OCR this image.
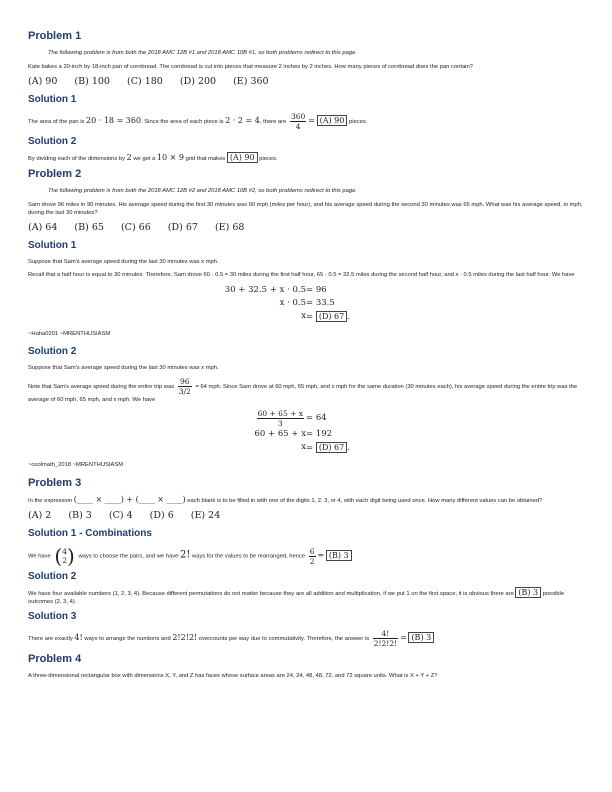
Problem 1

The following problem is from both the 2018 AMC 12B #1 and 2018 AMC 10B #1, so both problems redirect to this page.

Kate bakes a 20-inch by 18-inch pan of cornbread. The cornbread is cut into pieces that measure 2 inches by 2 inches. How many pieces of cornbread does the pan contain?

(A) 90 (B) 100 (C) 180 (D) 200 (E) 360
Solution 1

The area of the pan is 20 · 18 = 360. Since the area of each piece is 2 · 2 = 4, there are $\frac{360}{4} = (A)$ 90 pieces.

Solution 2

By dividing each of the dimensions by 2 we get a 10 × 9 grid that makes (A) 90 pieces.

Problem 2

The following problem is from both the 2018 AMC 12B #2 and 2018 AMC 10B #2, so both problems redirect to this page.

Sam drove 96 miles in 90 minutes. His average speed during the first 30 minutes was 60 mph (miles per hour), and his average speed during the second 30 minutes was 65 mph. What was his average speed, in mph, during the last 30 minutes?

(A) 64 (B) 65 (C) 66 (D) 67 (E) 68
Solution 1

Suppose that Sam's average speed during the last 30 minutes was x mph.

Recall that a half hour is equal to 30 minutes. Therefore, Sam drove 60 · 0.5 = 30 miles during the first half hour, 65 · 0.5 = 32.5 miles during the second half hour, and x · 0.5 miles during the last half hour. We have

30 + 32.5 + x · 0.5 = 96
x · 0.5 = 33.5
x = (D) 67 .

~Haha0201 ~MRENTHUSIASM

Solution 2

Suppose that Sam's average speed during the last 30 minutes was x mph.

Note that Sam's average speed during the entire trip was $\frac{96}{3/2} = 64$ mph. Since Sam drove at 60 mph, 65 mph, and x mph for the same duration (30 minutes each), his average speed during the entire trip was the average of 60 mph, 65 mph, and x mph. We have

$\frac{60 + 65 + x}{3} = 64$
60 + 65 + x = 192
x = (D) 67 .

~coolmath_2018 ~MRENTHUSIASM

Problem 3

In the expression (____ × ____) + (____ × ____) each blank is to be filled in with one of the digits 1, 2, 3, or 4, with each digit being used once. How many different values can be obtained?

(A) 2 (B) 3 (C) 4 (D) 6 (E) 24
Solution 1 - Combinations

We have (4
2) ways to choose the pairs, and we have 2! ways for the values to be rearranged, hence $\frac{6}{2} = (B)$ 3

Solution 2

We have four available numbers (1, 2, 3, 4). Because different permutations do not matter because they are all addition and multiplication, if we put 1 on the first space, it is obvious there are (B) 3 possible outcomes (2, 3, 4).

Solution 3

There are exactly 4! ways to arrange the numbers and 2!2!2! overcounts per way due to commutativity. Therefore, the answer is $\frac{4!}{2!2!2!} = (B)$ 3

Problem 4

A three-dimensional rectangular box with dimensions X, Y, and Z has faces whose surface areas are 24, 24, 48, 48, 72, and 72 square units. What is X + Y + Z?
